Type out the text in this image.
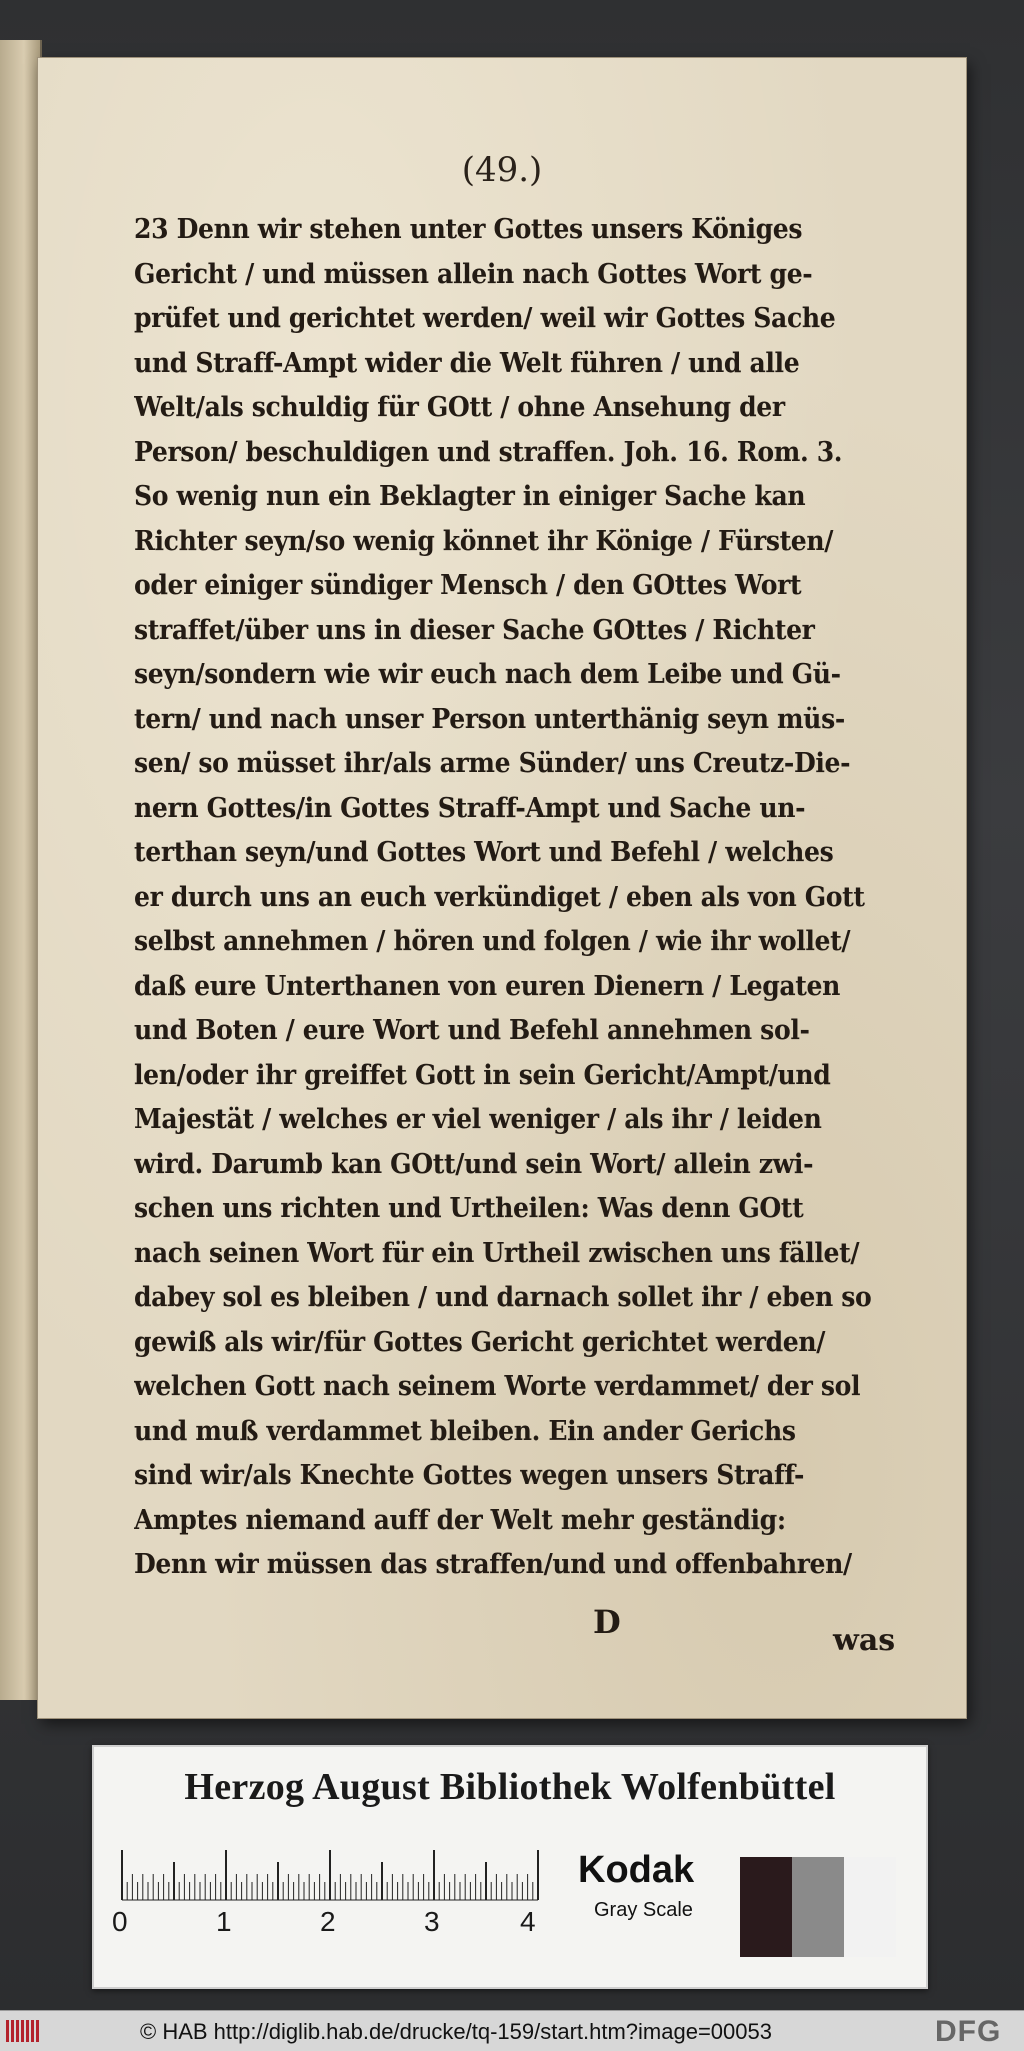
(49.)
23 Denn wir stehen unter Gottes unsers Königes
Gericht / und müssen allein nach Gottes Wort ge-
prüfet und gerichtet werden/ weil wir Gottes Sache
und Straff-Ampt wider die Welt führen / und alle
Welt/als schuldig für GOtt / ohne Ansehung der
Person/ beschuldigen und straffen. Joh. 16. Rom. 3.
So wenig nun ein Beklagter in einiger Sache kan
Richter seyn/so wenig könnet ihr Könige / Fürsten/
oder einiger sündiger Mensch / den GOttes Wort
straffet/über uns in dieser Sache GOttes / Richter
seyn/sondern wie wir euch nach dem Leibe und Gü-
tern/ und nach unser Person unterthänig seyn müs-
sen/ so müsset ihr/als arme Sünder/ uns Creutz-Die-
nern Gottes/in Gottes Straff-Ampt und Sache un-
terthan seyn/und Gottes Wort und Befehl / welches
er durch uns an euch verkündiget / eben als von Gott
selbst annehmen / hören und folgen / wie ihr wollet/
daß eure Unterthanen von euren Dienern / Legaten
und Boten / eure Wort und Befehl annehmen sol-
len/oder ihr greiffet Gott in sein Gericht/Ampt/und
Majestät / welches er viel weniger / als ihr / leiden
wird. Darumb kan GOtt/und sein Wort/ allein zwi-
schen uns richten und Urtheilen: Was denn GOtt
nach seinen Wort für ein Urtheil zwischen uns fället/
dabey sol es bleiben / und darnach sollet ihr / eben so
gewiß als wir/für Gottes Gericht gerichtet werden/
welchen Gott nach seinem Worte verdammet/ der sol
und muß verdammet bleiben. Ein ander Gerichs
sind wir/als Knechte Gottes wegen unsers Straff-
Amptes niemand auff der Welt mehr geständig:
Denn wir müssen das straffen/und und offenbahren/
D	was
Herzog August Bibliothek Wolfenbüttel
0	1	2	3	4
Kodak
Gray Scale
© HAB http://diglib.hab.de/drucke/tq-159/start.htm?image=00053	DFG
